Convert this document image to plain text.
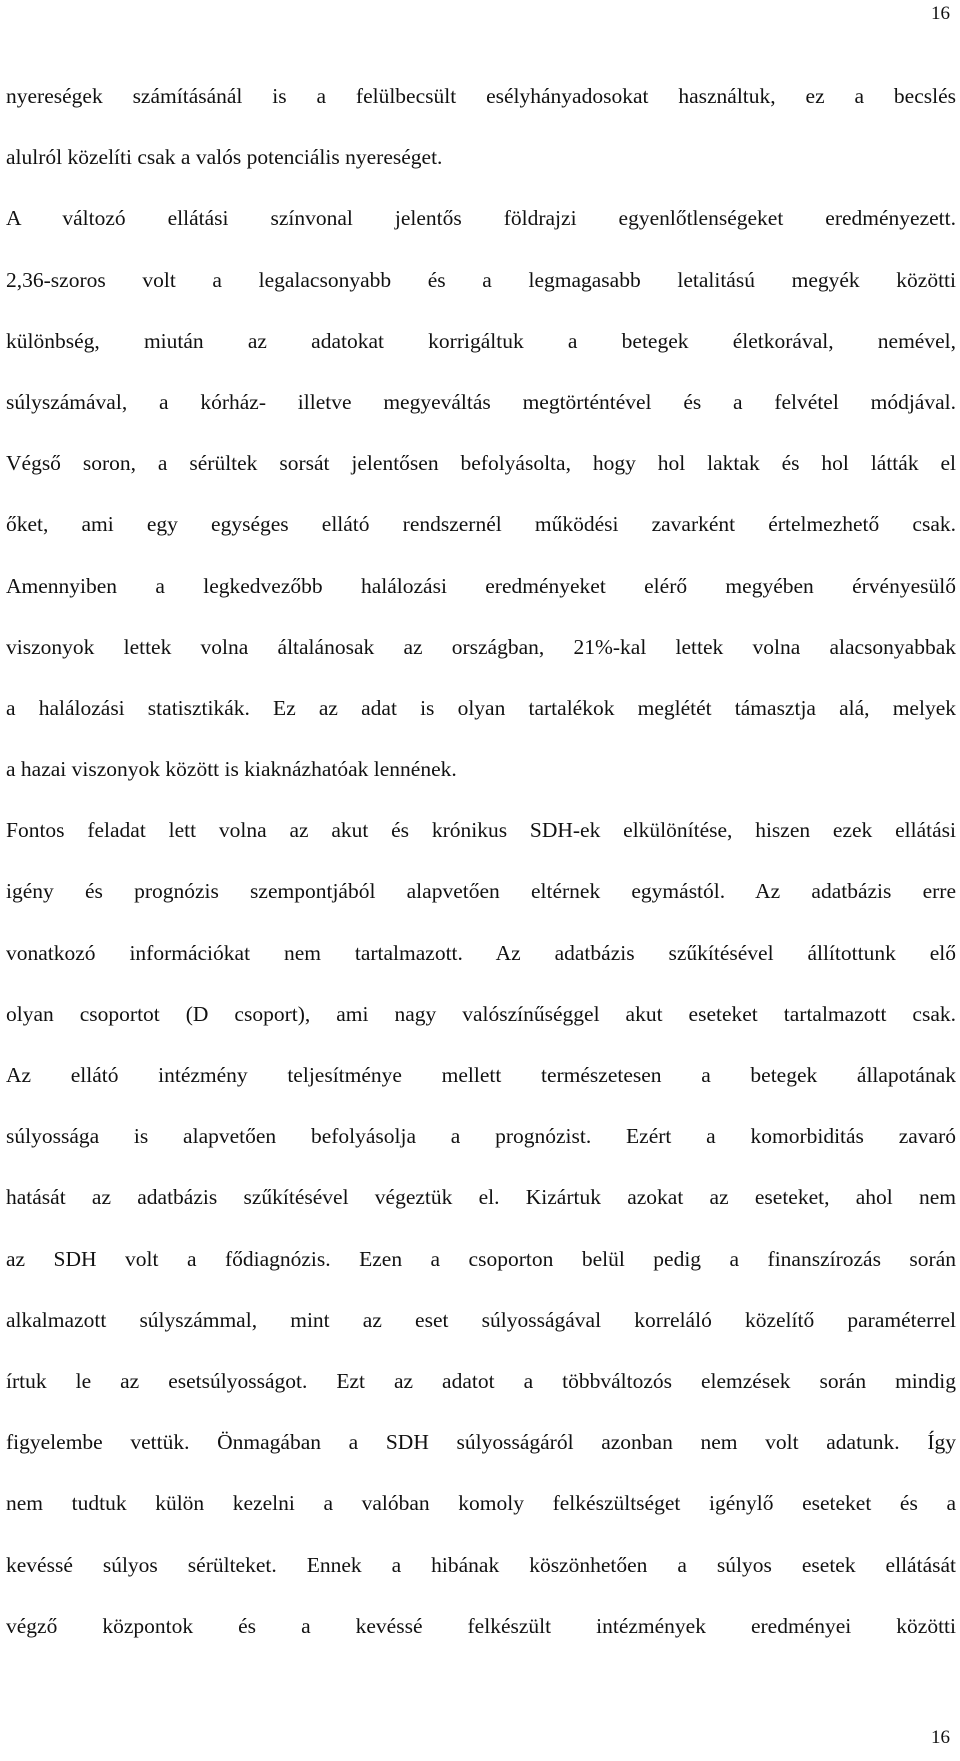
16
nyereségek számításánál is a felülbecsült esélyhányadosokat használtuk, ez a becslés
alulról közelíti csak a valós potenciális nyereséget.
A változó ellátási színvonal jelentős földrajzi egyenlőtlenségeket eredményezett.
2,36-szoros volt a legalacsonyabb és a legmagasabb letalitású megyék közötti
különbség, miután az adatokat korrigáltuk a betegek életkorával, nemével,
súlyszámával, a kórház- illetve megyeváltás megtörténtével és a felvétel módjával.
Végső soron, a sérültek sorsát jelentősen befolyásolta, hogy hol laktak és hol látták el
őket, ami egy egységes ellátó rendszernél működési zavarként értelmezhető csak.
Amennyiben a legkedvezőbb halálozási eredményeket elérő megyében érvényesülő
viszonyok lettek volna általánosak az országban, 21%-kal lettek volna alacsonyabbak
a halálozási statisztikák. Ez az adat is olyan tartalékok meglétét támasztja alá, melyek
a hazai viszonyok között is kiaknázhatóak lennének.
Fontos feladat lett volna az akut és krónikus SDH-ek elkülönítése, hiszen ezek ellátási
igény és prognózis szempontjából alapvetően eltérnek egymástól. Az adatbázis erre
vonatkozó információkat nem tartalmazott. Az adatbázis szűkítésével állítottunk elő
olyan csoportot (D csoport), ami nagy valószínűséggel akut eseteket tartalmazott csak.
Az ellátó intézmény teljesítménye mellett természetesen a betegek állapotának
súlyossága is alapvetően befolyásolja a prognózist. Ezért a komorbiditás zavaró
hatását az adatbázis szűkítésével végeztük el. Kizártuk azokat az eseteket, ahol nem
az SDH volt a fődiagnózis. Ezen a csoporton belül pedig a finanszírozás során
alkalmazott súlyszámmal, mint az eset súlyosságával korreláló közelítő paraméterrel
írtuk le az esetsúlyosságot. Ezt az adatot a többváltozós elemzések során mindig
figyelembe vettük. Önmagában a SDH súlyosságáról azonban nem volt adatunk. Így
nem tudtuk külön kezelni a valóban komoly felkészültséget igénylő eseteket és a
kevéssé súlyos sérülteket. Ennek a hibának köszönhetően a súlyos esetek ellátását
végző központok és a kevéssé felkészült intézmények eredményei közötti
16
